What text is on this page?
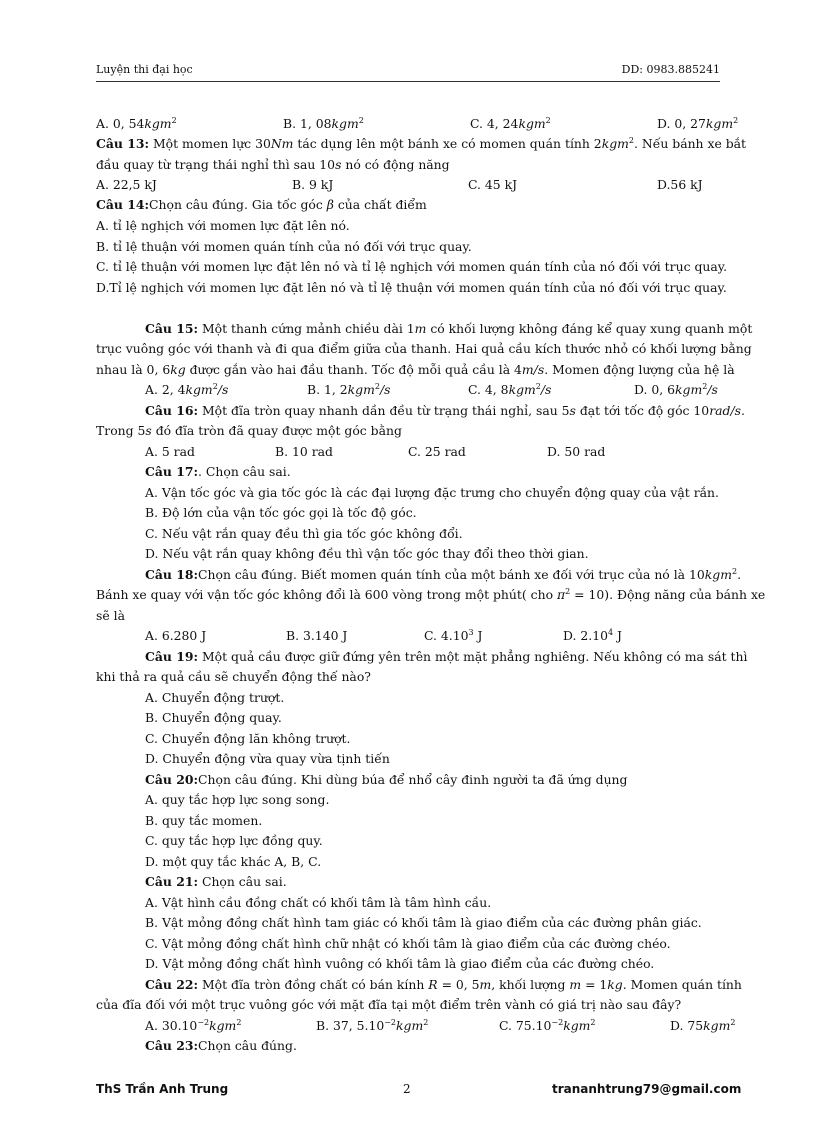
Luyện thi đại học	DD: 0983.885241
A. 0, 54kgm$^2$	B. 1, 08kgm$^2$	C. 4, 24kgm$^2$	D. 0, 27kgm$^2$
Câu 13: Một momen lực 30Nm tác dụng lên một bánh xe có momen quán tính 2kgm$^2$. Nếu bánh xe bắt
đầu quay từ trạng thái nghỉ thì sau 10s nó có động năng
A. 22,5 kJ	B. 9 kJ	C. 45 kJ	D.56 kJ
Câu 14:Chọn câu đúng. Gia tốc góc β của chất điểm
A. tỉ lệ nghịch với momen lực đặt lên nó.
B. tỉ lệ thuận với momen quán tính của nó đối với trục quay.
C. tỉ lệ thuận với momen lực đặt lên nó và tỉ lệ nghịch với momen quán tính của nó đối với trục quay.
D.Tỉ lệ nghịch với momen lực đặt lên nó và tỉ lệ thuận với momen quán tính của nó đối với trục quay.
Câu 15: Một thanh cứng mảnh chiều dài 1m có khối lượng không đáng kể quay xung quanh một
trục vuông góc với thanh và đi qua điểm giữa của thanh. Hai quả cầu kích thước nhỏ có khối lượng bằng
nhau là 0, 6kg được gắn vào hai đầu thanh. Tốc độ mỗi quả cầu là 4m/s. Momen động lượng của hệ là
A. 2, 4kgm$^2$/s	B. 1, 2kgm$^2$/s	C. 4, 8kgm$^2$/s	D. 0, 6kgm$^2$/s
Câu 16: Một đĩa tròn quay nhanh dần đều từ trạng thái nghỉ, sau 5s đạt tới tốc độ góc 10rad/s.
Trong 5s đó đĩa tròn đã quay được một góc bằng
A. 5 rad	B. 10 rad	C. 25 rad	D. 50 rad
Câu 17:. Chọn câu sai.
A. Vận tốc góc và gia tốc góc là các đại lượng đặc trưng cho chuyển động quay của vật rắn.
B. Độ lớn của vận tốc góc gọi là tốc độ góc.
C. Nếu vật rắn quay đều thì gia tốc góc không đổi.
D. Nếu vật rắn quay không đều thì vận tốc góc thay đổi theo thời gian.
Câu 18:Chọn câu đúng. Biết momen quán tính của một bánh xe đối với trục của nó là 10kgm$^2$.
Bánh xe quay với vận tốc góc không đổi là 600 vòng trong một phút( cho $\pi^2 = 10$). Động năng của bánh xe
sẽ là
A. 6.280 J	B. 3.140 J	C. 4.10$^3$ J	D. 2.10$^4$ J
Câu 19: Một quả cầu được giữ đứng yên trên một mặt phẳng nghiêng. Nếu không có ma sát thì
khi thả ra quả cầu sẽ chuyển động thế nào?
A. Chuyển động trượt.
B. Chuyển động quay.
C. Chuyển động lăn không trượt.
D. Chuyển động vừa quay vừa tịnh tiến
Câu 20:Chọn câu đúng. Khi dùng búa để nhổ cây đinh người ta đã ứng dụng
A. quy tắc hợp lực song song.
B. quy tắc momen.
C. quy tắc hợp lực đồng quy.
D. một quy tắc khác A, B, C.
Câu 21: Chọn câu sai.
A. Vật hình cầu đồng chất có khối tâm là tâm hình cầu.
B. Vật mỏng đồng chất hình tam giác có khối tâm là giao điểm của các đường phân giác.
C. Vật mỏng đồng chất hình chữ nhật có khối tâm là giao điểm của các đường chéo.
D. Vật mỏng đồng chất hình vuông có khối tâm là giao điểm của các đường chéo.
Câu 22: Một đĩa tròn đồng chất có bán kính R = 0, 5m, khối lượng m = 1kg. Momen quán tính
của đĩa đối với một trục vuông góc với mặt đĩa tại một điểm trên vành có giá trị nào sau đây?
A. $30.10^{-2}kgm^2$	B. 37, $5.10^{-2}kgm^2$	C. $75.10^{-2}kgm^2$	D. 75kgm$^2$
Câu 23:Chọn câu đúng.
ThS Trần Anh Trung	2	trananhtrung79@gmail.com
